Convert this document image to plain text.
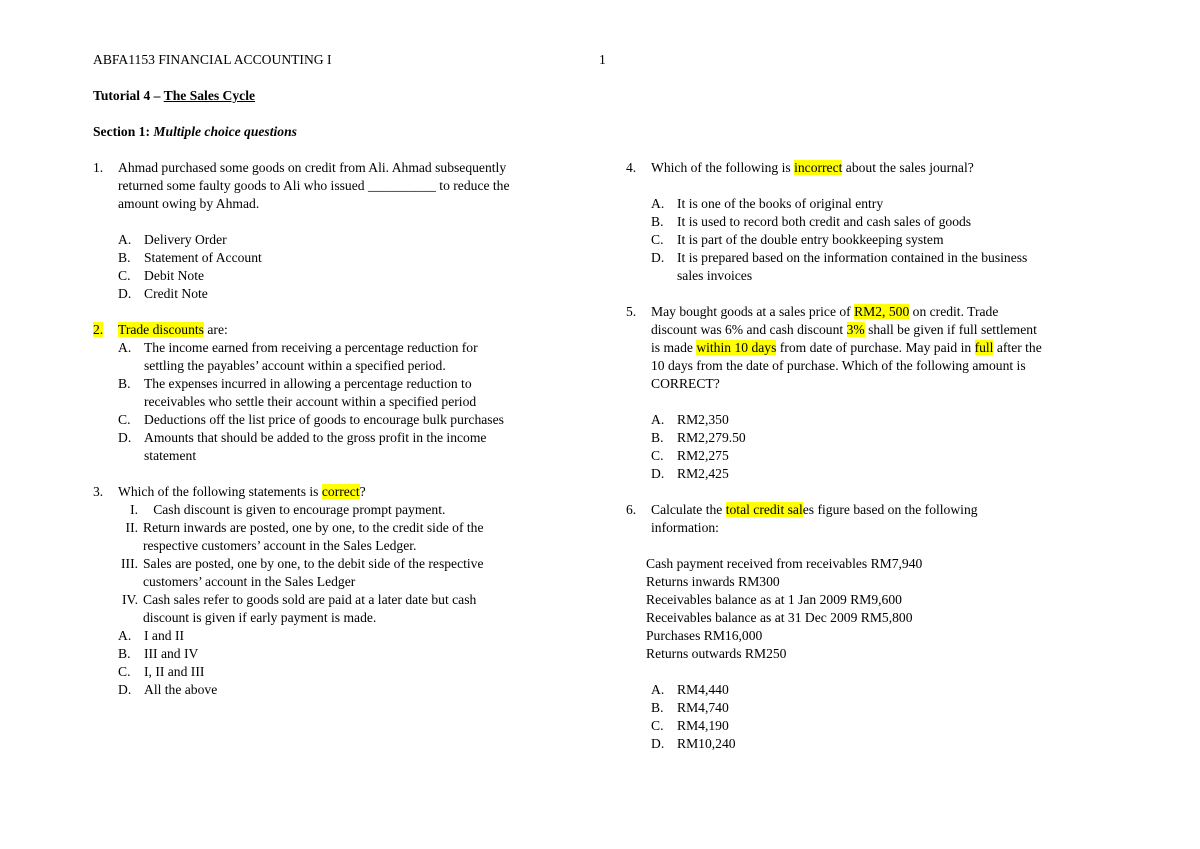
ABFA1153 FINANCIAL ACCOUNTING I	1
Tutorial 4 – The Sales Cycle
Section 1: Multiple choice questions
1. Ahmad purchased some goods on credit from Ali. Ahmad subsequently
returned some faulty goods to Ali who issued __________ to reduce the
amount owing by Ahmad.
A. Delivery Order
B. Statement of Account
C. Debit Note
D. Credit Note
2. Trade discounts are:
A. The income earned from receiving a percentage reduction for
settling the payables’ account within a specified period.
B. The expenses incurred in allowing a percentage reduction to
receivables who settle their account within a specified period
C. Deductions off the list price of goods to encourage bulk purchases
D. Amounts that should be added to the gross profit in the income
statement
3. Which of the following statements is correct?
I. Cash discount is given to encourage prompt payment.
II. Return inwards are posted, one by one, to the credit side of the
respective customers’ account in the Sales Ledger.
III. Sales are posted, one by one, to the debit side of the respective
customers’ account in the Sales Ledger
IV. Cash sales refer to goods sold are paid at a later date but cash
discount is given if early payment is made.
A. I and II
B. III and IV
C. I, II and III
D. All the above
4. Which of the following is incorrect about the sales journal?
A. It is one of the books of original entry
B. It is used to record both credit and cash sales of goods
C. It is part of the double entry bookkeeping system
D. It is prepared based on the information contained in the business
sales invoices
5. May bought goods at a sales price of RM2, 500 on credit. Trade
discount was 6% and cash discount 3% shall be given if full settlement
is made within 10 days from date of purchase. May paid in full after the
10 days from the date of purchase. Which of the following amount is
CORRECT?
A. RM2,350
B. RM2,279.50
C. RM2,275
D. RM2,425
6. Calculate the total credit sales figure based on the following
information:
Cash payment received from receivables RM7,940
Returns inwards RM300
Receivables balance as at 1 Jan 2009 RM9,600
Receivables balance as at 31 Dec 2009 RM5,800
Purchases RM16,000
Returns outwards RM250
A. RM4,440
B. RM4,740
C. RM4,190
D. RM10,240
